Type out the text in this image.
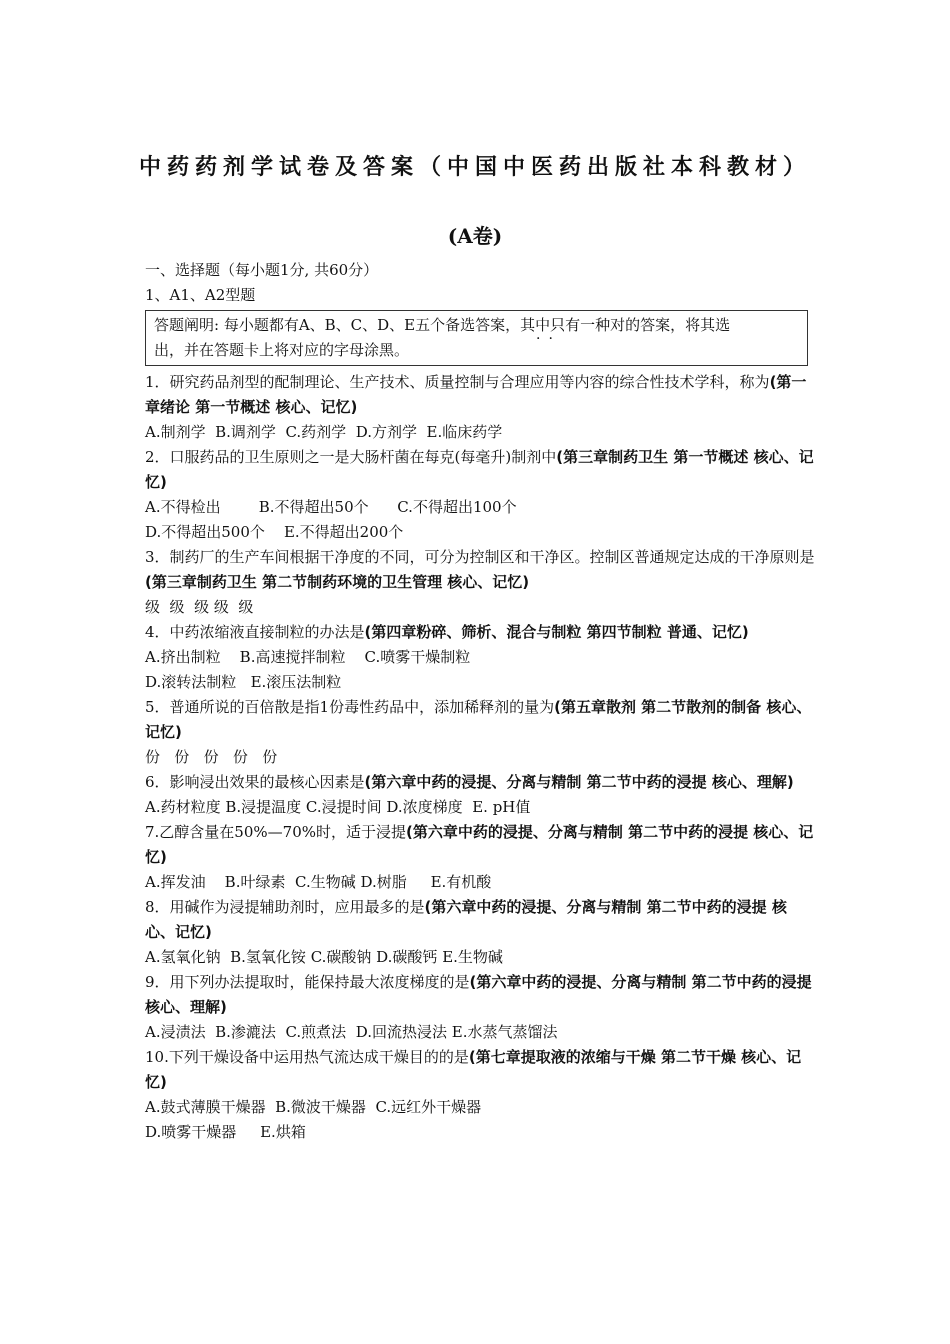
中药药剂学试卷及答案（中国中医药出版社本科教材）
(A卷)
一、选择题（每小题1分, 共60分）
1、A1、A2型题
答题阐明: 每小题都有A、B、C、D、E五个备选答案，其中只有一种对的答案，将其选
··
出，并在答题卡上将对应的字母涂黑。
1．研究药品剂型的配制理论、生产技术、质量控制与合理应用等内容的综合性技术学科，称为(第一章绪论 第一节概述 核心、记忆)
A.制剂学  B.调剂学  C.药剂学  D.方剂学  E.临床药学
2．口服药品的卫生原则之一是大肠杆菌在每克(每毫升)制剂中(第三章制药卫生 第一节概述 核心、记忆)
A.不得检出        B.不得超出50个      C.不得超出100个
D.不得超出500个    E.不得超出200个
3．制药厂的生产车间根据干净度的不同，可分为控制区和干净区。控制区普通规定达成的干净原则是(第三章制药卫生 第二节制药环境的卫生管理 核心、记忆)
级  级  级 级  级
4．中药浓缩液直接制粒的办法是(第四章粉碎、筛析、混合与制粒 第四节制粒 普通、记忆)
A.挤出制粒    B.高速搅拌制粒    C.喷雾干燥制粒
D.滚转法制粒   E.滚压法制粒
5．普通所说的百倍散是指1份毒性药品中，添加稀释剂的量为(第五章散剂 第二节散剂的制备 核心、记忆)
份   份   份   份   份
6．影响浸出效果的最核心因素是(第六章中药的浸提、分离与精制 第二节中药的浸提 核心、理解)
A.药材粒度 B.浸提温度 C.浸提时间 D.浓度梯度  E. pH值
7.乙醇含量在50%—70%时，适于浸提(第六章中药的浸提、分离与精制 第二节中药的浸提 核心、记忆)
A.挥发油    B.叶绿素  C.生物碱 D.树脂     E.有机酸
8．用碱作为浸提辅助剂时，应用最多的是(第六章中药的浸提、分离与精制 第二节中药的浸提 核心、记忆)
A.氢氧化钠  B.氢氧化铵 C.碳酸钠 D.碳酸钙 E.生物碱
9．用下列办法提取时，能保持最大浓度梯度的是(第六章中药的浸提、分离与精制 第二节中药的浸提 核心、理解)
A.浸渍法  B.渗漉法  C.煎煮法  D.回流热浸法 E.水蒸气蒸馏法
10.下列干燥设备中运用热气流达成干燥目的的是(第七章提取液的浓缩与干燥 第二节干燥 核心、记忆)
A.鼓式薄膜干燥器  B.微波干燥器  C.远红外干燥器
D.喷雾干燥器     E.烘箱
